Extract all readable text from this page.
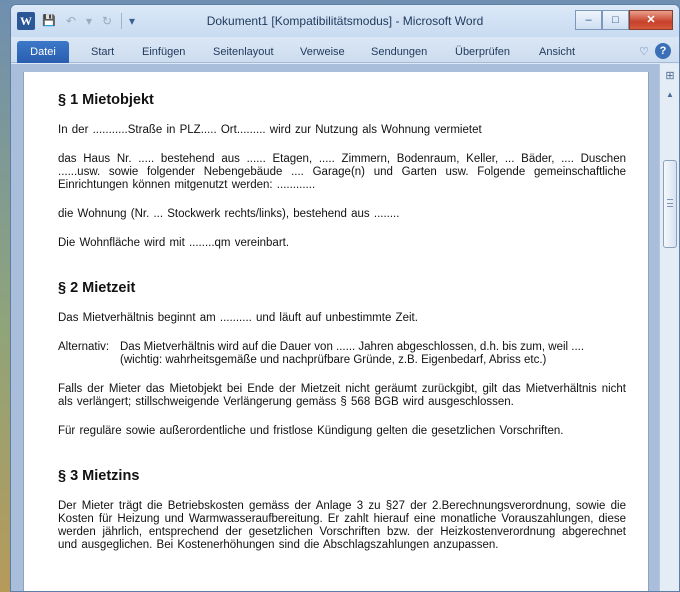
W 💾 ↶ ▾ ↻ ▾	Dokument1 [Kompatibilitätsmodus] - Microsoft Word	–	□	✕
Datei	Start	Einfügen	Seitenlayout Verweise Sendungen	Überprüfen	Ansicht	♡ ?
§ 1 Mietobjekt

In der ...........Straße in PLZ..... Ort......... wird zur Nutzung als Wohnung vermietet

das Haus Nr. ..... bestehend aus ...... Etagen, ..... Zimmern, Bodenraum, Keller, ... Bäder, .... Duschen ......usw. sowie folgender Nebengebäude .... Garage(n) und Garten usw. Folgende gemeinschaftliche Einrichtungen können mitgenutzt werden: ............

die Wohnung (Nr. ... Stockwerk rechts/links), bestehend aus ........

Die Wohnfläche wird mit ........qm vereinbart.

§ 2 Mietzeit

Das Mietverhältnis beginnt am .......... und läuft auf unbestimmte Zeit.

Alternativ: Das Mietverhältnis wird auf die Dauer von ...... Jahren abgeschlossen, d.h. bis zum, weil .... (wichtig: wahrheitsgemäße und nachprüfbare Gründe, z.B. Eigenbedarf, Abriss etc.)

Falls der Mieter das Mietobjekt bei Ende der Mietzeit nicht geräumt zurückgibt, gilt das Mietverhältnis nicht als verlängert; stillschweigende Verlängerung gemäss § 568 BGB wird ausgeschlossen.

Für reguläre sowie außerordentliche und fristlose Kündigung gelten die gesetzlichen Vorschriften.

§ 3 Mietzins

Der Mieter trägt die Betriebskosten gemäss der Anlage 3 zu §27 der 2.Berechnungsverordnung, sowie die Kosten für Heizung und Warmwasseraufbereitung. Er zahlt hierauf eine monatliche Vorauszahlungen, diese werden jährlich, entsprechend der gesetzlichen Vorschriften bzw. der Heizkostenverordnung abgerechnet und ausgeglichen. Bei Kostenerhöhungen sind die Abschlagszahlungen anzupassen.

⊞
▲
